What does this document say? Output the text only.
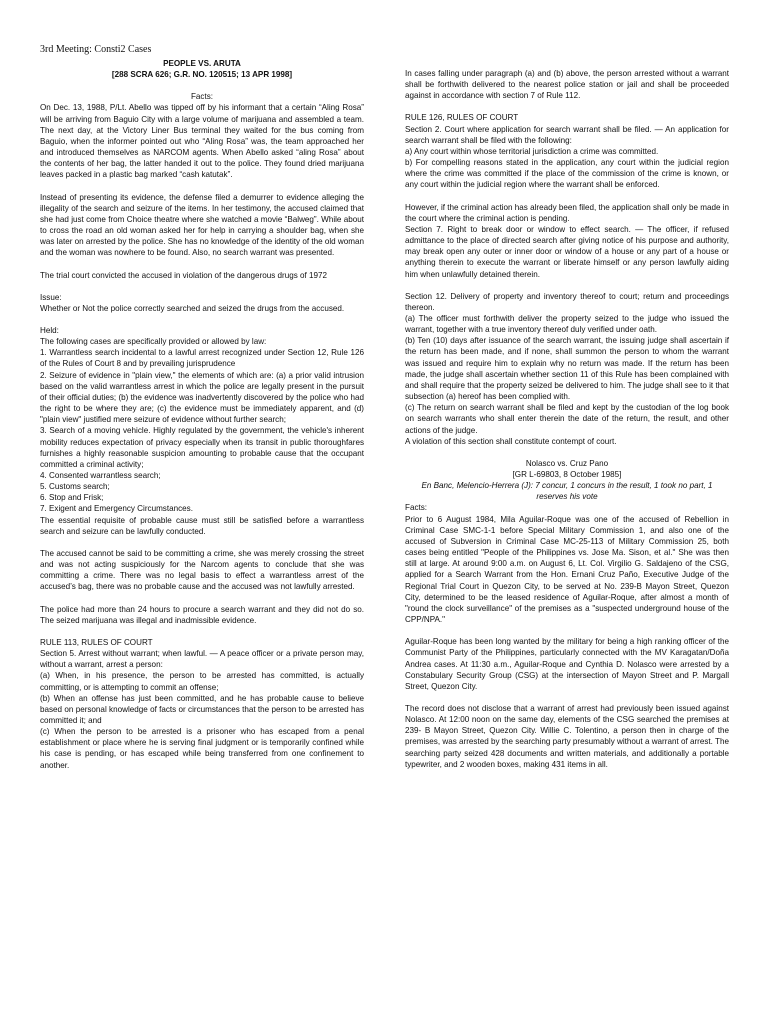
3rd Meeting: Consti2 Cases
PEOPLE VS. ARUTA
[288 SCRA 626; G.R. NO. 120515; 13 APR 1998]
Facts:

On Dec. 13, 1988, P/Lt. Abello was tipped off by his informant that a certain “Aling Rosa” will be arriving from Baguio City with a large volume of marijuana and assembled a team. The next day, at the Victory Liner Bus terminal they waited for the bus coming from Baguio, when the informer pointed out who “Aling Rosa” was, the team approached her and introduced themselves as NARCOM agents. When Abello asked “aling Rosa” about the contents of her bag, the latter handed it out to the police. They found dried marijuana leaves packed in a plastic bag marked “cash katutak”.

Instead of presenting its evidence, the defense filed a demurrer to evidence alleging the illegality of the search and seizure of the items. In her testimony, the accused claimed that she had just come from Choice theatre where she watched a movie “Balweg”. While about to cross the road an old woman asked her for help in carrying a shoulder bag, when she was later on arrested by the police. She has no knowledge of the identity of the old woman and the woman was nowhere to be found. Also, no search warrant was presented.

The trial court convicted the accused in violation of the dangerous drugs of 1972

Issue:

Whether or Not the police correctly searched and seized the drugs from the accused.

Held:

The following cases are specifically provided or allowed by law:

1. Warrantless search incidental to a lawful arrest recognized under Section 12, Rule 126 of the Rules of Court 8 and by prevailing jurisprudence

2. Seizure of evidence in "plain view," the elements of which are: (a) a prior valid intrusion based on the valid warrantless arrest in which the police are legally present in the pursuit of their official duties; (b) the evidence was inadvertently discovered by the police who had the right to be where they are; (c) the evidence must be immediately apparent, and (d) "plain view" justified mere seizure of evidence without further search;

3. Search of a moving vehicle. Highly regulated by the government, the vehicle's inherent mobility reduces expectation of privacy especially when its transit in public thoroughfares furnishes a highly reasonable suspicion amounting to probable cause that the occupant committed a criminal activity;

4. Consented warrantless search;

5. Customs search;

6. Stop and Frisk;

7. Exigent and Emergency Circumstances.

The essential requisite of probable cause must still be satisfied before a warrantless search and seizure can be lawfully conducted.

The accused cannot be said to be committing a crime, she was merely crossing the street and was not acting suspiciously for the Narcom agents to conclude that she was committing a crime. There was no legal basis to effect a warrantless arrest of the accused’s bag, there was no probable cause and the accused was not lawfully arrested.

The police had more than 24 hours to procure a search warrant and they did not do so. The seized marijuana was illegal and inadmissible evidence.

RULE 113, RULES OF COURT

Section 5. Arrest without warrant; when lawful. — A peace officer or a private person may, without a warrant, arrest a person:

(a) When, in his presence, the person to be arrested has committed, is actually committing, or is attempting to commit an offense;

(b) When an offense has just been committed, and he has probable cause to believe based on personal knowledge of facts or circumstances that the person to be arrested has committed it; and

(c) When the person to be arrested is a prisoner who has escaped from a penal establishment or place where he is serving final judgment or is temporarily confined while his case is pending, or has escaped while being transferred from one confinement to another.

In cases falling under paragraph (a) and (b) above, the person arrested without a warrant shall be forthwith delivered to the nearest police station or jail and shall be proceeded against in accordance with section 7 of Rule 112.

RULE 126, RULES OF COURT

Section 2. Court where application for search warrant shall be filed. — An application for search warrant shall be filed with the following:

a) Any court within whose territorial jurisdiction a crime was committed.

b) For compelling reasons stated in the application, any court within the judicial region where the crime was committed if the place of the commission of the crime is known, or any court within the judicial region where the warrant shall be enforced.

However, if the criminal action has already been filed, the application shall only be made in the court where the criminal action is pending.

Section 7. Right to break door or window to effect search. — The officer, if refused admittance to the place of directed search after giving notice of his purpose and authority, may break open any outer or inner door or window of a house or any part of a house or anything therein to execute the warrant or liberate himself or any person lawfully aiding him when unlawfully detained therein.

Section 12. Delivery of property and inventory thereof to court; return and proceedings thereon.

(a) The officer must forthwith deliver the property seized to the judge who issued the warrant, together with a true inventory thereof duly verified under oath.

(b) Ten (10) days after issuance of the search warrant, the issuing judge shall ascertain if the return has been made, and if none, shall summon the person to whom the warrant was issued and require him to explain why no return was made. If the return has been made, the judge shall ascertain whether section 11 of this Rule has been complained with and shall require that the property seized be delivered to him. The judge shall see to it that subsection (a) hereof has been complied with.

(c) The return on search warrant shall be filed and kept by the custodian of the log book on search warrants who shall enter therein the date of the return, the result, and other actions of the judge.

A violation of this section shall constitute contempt of court.

Nolasco vs. Cruz Pano
[GR L-69803, 8 October 1985]
En Banc, Melencio-Herrera (J): 7 concur, 1 concurs in the result, 1 took no part, 1 reserves his vote
Facts:

Prior to 6 August 1984, Mila Aguilar-Roque was one of the accused of Rebellion in Criminal Case SMC-1-1 before Special Military Commission 1, and also one of the accused of Subversion in Criminal Case MC-25-113 of Military Commission 25, both cases being entitled "People of the Philippines vs. Jose Ma. Sison, et al." She was then still at large. At around 9:00 a.m. on August 6, Lt. Col. Virgilio G. Saldajeno of the CSG, applied for a Search Warrant from the Hon. Ernani Cruz Paño, Executive Judge of the Regional Trial Court in Quezon City, to be served at No. 239-B Mayon Street, Quezon City, determined to be the leased residence of Aguilar-Roque, after almost a month of "round the clock surveillance" of the premises as a "suspected underground house of the CPP/NPA."

Aguilar-Roque has been long wanted by the military for being a high ranking officer of the Communist Party of the Philippines, particularly connected with the MV Karagatan/Doña Andrea cases. At 11:30 a.m., Aguilar-Roque and Cynthia D. Nolasco were arrested by a Constabulary Security Group (CSG) at the intersection of Mayon Street and P. Margall Street, Quezon City.

The record does not disclose that a warrant of arrest had previously been issued against Nolasco. At 12:00 noon on the same day, elements of the CSG searched the premises at 239- B Mayon Street, Quezon City. Willie C. Tolentino, a person then in charge of the premises, was arrested by the searching party presumably without a warrant of arrest. The searching party seized 428 documents and written materials, and additionally a portable typewriter, and 2 wooden boxes, making 431 items in all.
